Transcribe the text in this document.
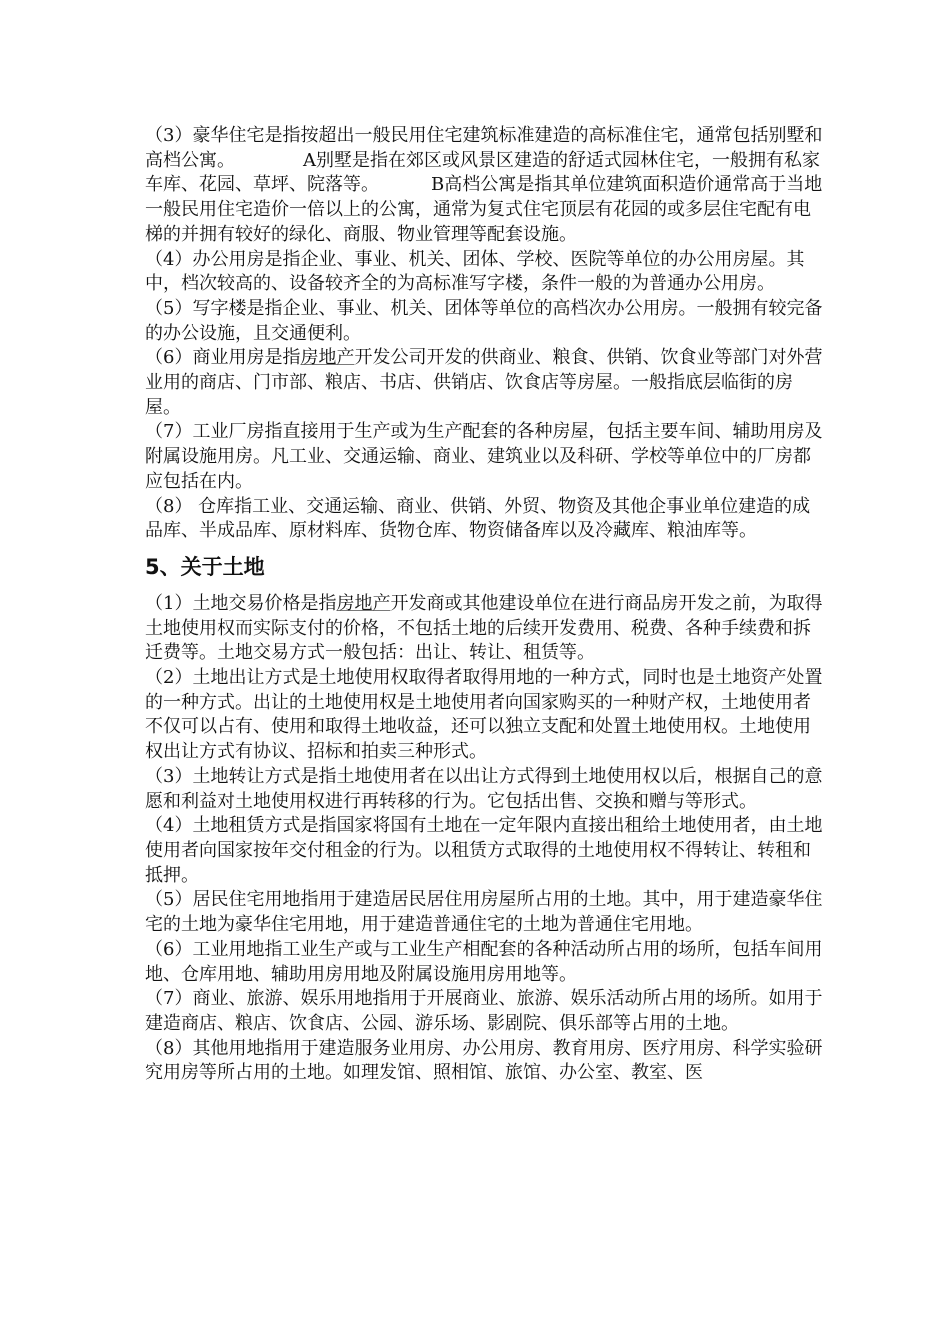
（3）豪华住宅是指按超出一般民用住宅建筑标准建造的高标准住宅，通常包括别墅和高档公寓。	A别墅是指在郊区或风景区建造的舒适式园林住宅，一般拥有私家车库、花园、草坪、院落等。	B高档公寓是指其单位建筑面积造价通常高于当地一般民用住宅造价一倍以上的公寓，通常为复式住宅顶层有花园的或多层住宅配有电梯的并拥有较好的绿化、商服、物业管理等配套设施。

（4）办公用房是指企业、事业、机关、团体、学校、医院等单位的办公用房屋。其中，档次较高的、设备较齐全的为高标准写字楼，条件一般的为普通办公用房。

（5）写字楼是指企业、事业、机关、团体等单位的高档次办公用房。一般拥有较完备的办公设施，且交通便利。

（6）商业用房是指房地产开发公司开发的供商业、粮食、供销、饮食业等部门对外营业用的商店、门市部、粮店、书店、供销店、饮食店等房屋。一般指底层临街的房屋。

（7）工业厂房指直接用于生产或为生产配套的各种房屋，包括主要车间、辅助用房及附属设施用房。凡工业、交通运输、商业、建筑业以及科研、学校等单位中的厂房都应包括在内。

（8） 仓库指工业、交通运输、商业、供销、外贸、物资及其他企事业单位建造的成品库、半成品库、原材料库、货物仓库、物资储备库以及冷藏库、粮油库等。

5、关于土地

（1）土地交易价格是指房地产开发商或其他建设单位在进行商品房开发之前，为取得土地使用权而实际支付的价格，不包括土地的后续开发费用、税费、各种手续费和拆迁费等。土地交易方式一般包括：出让、转让、租赁等。

（2）土地出让方式是土地使用权取得者取得用地的一种方式，同时也是土地资产处置的一种方式。出让的土地使用权是土地使用者向国家购买的一种财产权，土地使用者不仅可以占有、使用和取得土地收益，还可以独立支配和处置土地使用权。土地使用权出让方式有协议、招标和拍卖三种形式。

（3）土地转让方式是指土地使用者在以出让方式得到土地使用权以后，根据自己的意愿和利益对土地使用权进行再转移的行为。它包括出售、交换和赠与等形式。

（4）土地租赁方式是指国家将国有土地在一定年限内直接出租给土地使用者，由土地使用者向国家按年交付租金的行为。以租赁方式取得的土地使用权不得转让、转租和抵押。

（5）居民住宅用地指用于建造居民居住用房屋所占用的土地。其中，用于建造豪华住宅的土地为豪华住宅用地，用于建造普通住宅的土地为普通住宅用地。

（6）工业用地指工业生产或与工业生产相配套的各种活动所占用的场所，包括车间用地、仓库用地、辅助用房用地及附属设施用房用地等。

（7）商业、旅游、娱乐用地指用于开展商业、旅游、娱乐活动所占用的场所。如用于建造商店、粮店、饮食店、公园、游乐场、影剧院、俱乐部等占用的土地。

（8）其他用地指用于建造服务业用房、办公用房、教育用房、医疗用房、科学实验研究用房等所占用的土地。如理发馆、照相馆、旅馆、办公室、教室、医
